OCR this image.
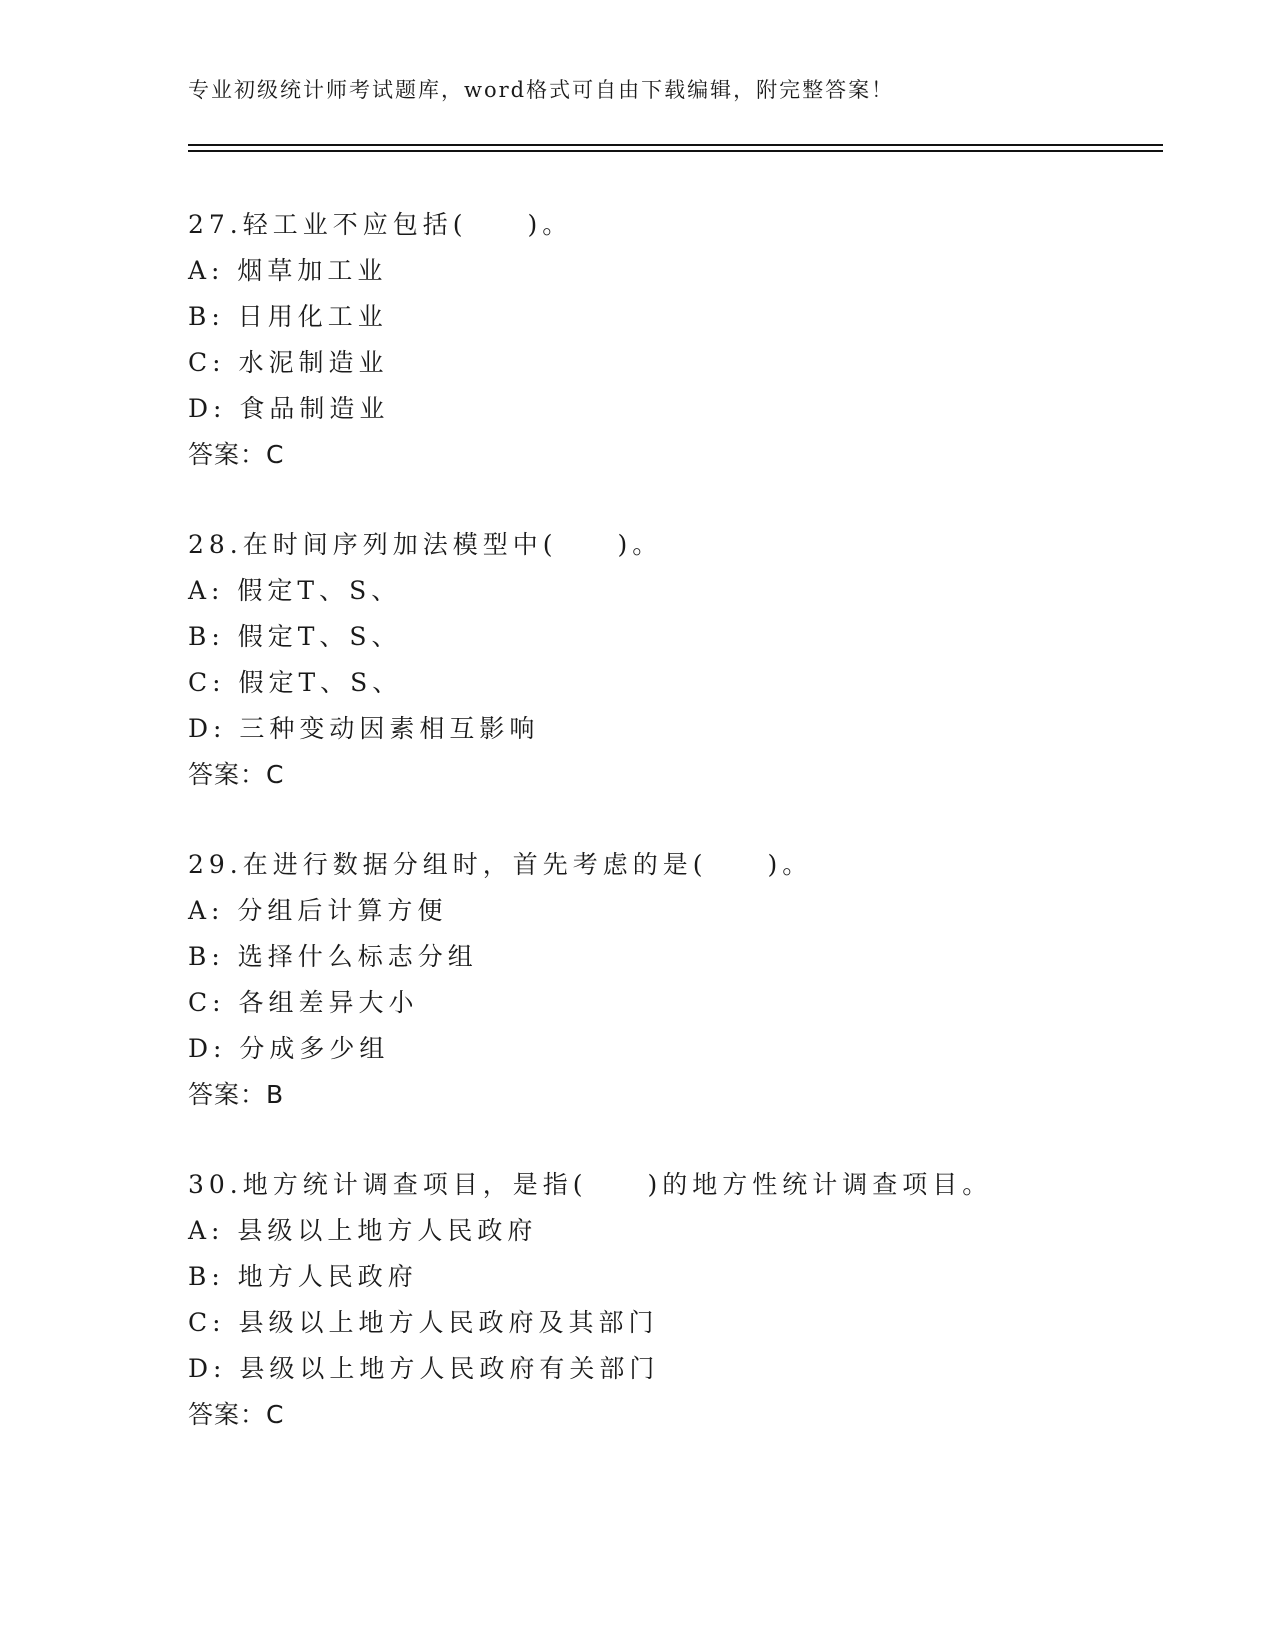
专业初级统计师考试题库，word格式可自由下载编辑，附完整答案！
27.轻工业不应包括(　　)。
A: 烟草加工业
B: 日用化工业
C: 水泥制造业
D: 食品制造业
答案：C
28.在时间序列加法模型中(　　)。
A: 假定T、S、
B: 假定T、S、
C: 假定T、S、
D: 三种变动因素相互影响
答案：C
29.在进行数据分组时，首先考虑的是(　　)。
A: 分组后计算方便
B: 选择什么标志分组
C: 各组差异大小
D: 分成多少组
答案：B
30.地方统计调查项目，是指(　　)的地方性统计调查项目。
A: 县级以上地方人民政府
B: 地方人民政府
C: 县级以上地方人民政府及其部门
D: 县级以上地方人民政府有关部门
答案：C
